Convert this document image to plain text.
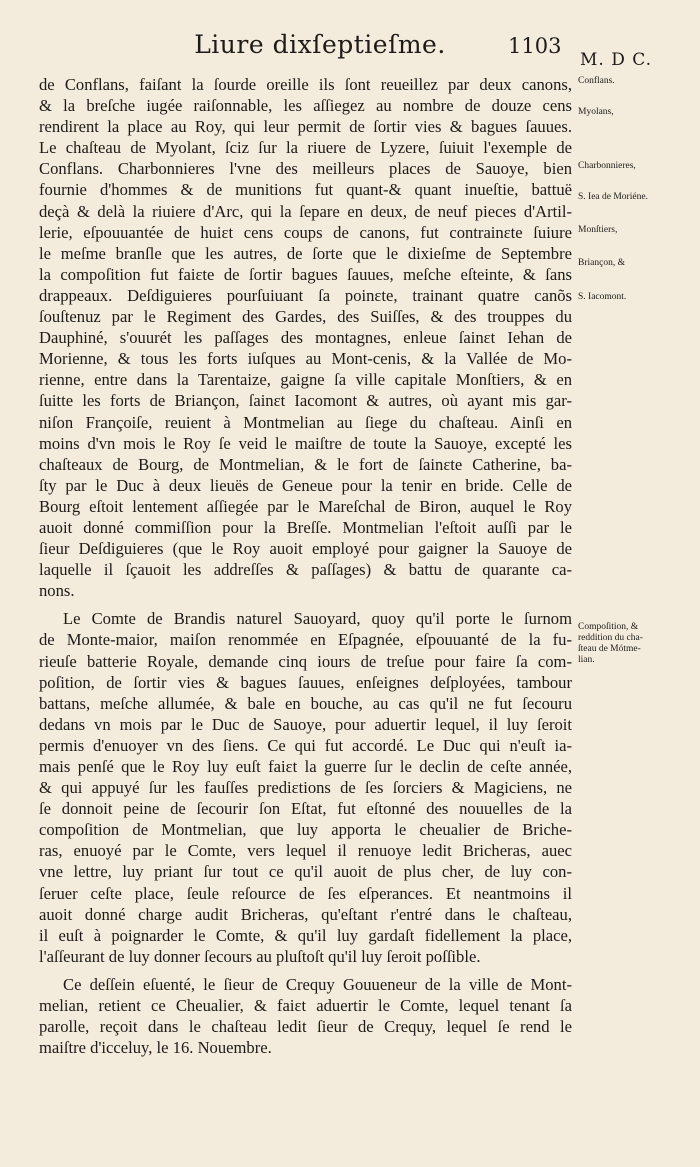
Liure dixſeptieſme.	1103
M. D C.
de Conflans, faiſant la ſourde oreille ils ſont reueillez par deux canons,
& la breſche iugée raiſonnable, les aſſiegez au nombre de douze cens
rendirent la place au Roy, qui leur permit de ſortir vies & bagues ſauues.
Le chaſteau de Myolant, ſciz ſur la riuere de Lyzere, ſuiuit l'exemple de
Conflans. Charbonnieres l'vne des meilleurs places de Sauoye, bien
fournie d'hommes & de munitions fut quant-& quant inueſtie, battuë
deçà & delà la riuiere d'Arc, qui la ſepare en deux, de neuf pieces d'Artil-
lerie, eſpouuantée de huiɛt cens coups de canons, fut contrainɛte ſuiure
le meſme branſle que les autres, de ſorte que le dixieſme de Septembre
la compoſition fut faiɛte de ſortir bagues ſauues, meſche eſteinte, & ſans
drappeaux. Deſdiguieres pourſuiuant ſa poinɛte, trainant quatre canõs
ſouſtenuz par le Regiment des Gardes, des Suiſſes, & des trouppes du
Dauphiné, s'ouurét les paſſages des montagnes, enleue ſainɛt Iehan de
Morienne, & tous les forts iuſques au Mont-cenis, & la Vallée de Mo-
rienne, entre dans la Tarentaize, gaigne ſa ville capitale Monſtiers, & en
ſuitte les forts de Briançon, ſainɛt Iacomont & autres, où ayant mis gar-
niſon Françoiſe, reuient à Montmelian au ſiege du chaſteau. Ainſi en
moins d'vn mois le Roy ſe veid le maiſtre de toute la Sauoye, excepté les
chaſteaux de Bourg, de Montmelian, & le fort de ſainɛte Catherine, ba-
ſty par le Duc à deux lieuës de Geneue pour la tenir en bride. Celle de
Bourg eſtoit lentement aſſiegée par le Mareſchal de Biron, auquel le Roy
auoit donné commiſſion pour la Breſſe. Montmelian l'eſtoit auſſi par le
ſieur Deſdiguieres (que le Roy auoit employé pour gaigner la Sauoye de
laquelle il ſçauoit les addreſſes & paſſages) & battu de quarante ca-
nons.
Le Comte de Brandis naturel Sauoyard, quoy qu'il porte le ſurnom
de Monte-maior, maiſon renommée en Eſpagnée, eſpouuanté de la fu-
rieuſe batterie Royale, demande cinq iours de treſue pour faire ſa com-
poſition, de ſortir vies & bagues ſauues, enſeignes deſployées, tambour
battans, meſche allumée, & bale en bouche, au cas qu'il ne fut ſecouru
dedans vn mois par le Duc de Sauoye, pour aduertir lequel, il luy ſeroit
permis d'enuoyer vn des ſiens. Ce qui fut accordé. Le Duc qui n'euſt ia-
mais penſé que le Roy luy euſt faiɛt la guerre ſur le declin de ceſte année,
& qui appuyé ſur les fauſſes prediɛtions de ſes ſorciers & Magiciens, ne
ſe donnoit peine de ſecourir ſon Eſtat, fut eſtonné des nouuelles de la
compoſition de Montmelian, que luy apporta le cheualier de Briche-
ras, enuoyé par le Comte, vers lequel il renuoye ledit Bricheras, auec
vne lettre, luy priant ſur tout ce qu'il auoit de plus cher, de luy con-
ſeruer ceſte place, ſeule reſource de ſes eſperances. Et neantmoins il
auoit donné charge audit Bricheras, qu'eſtant r'entré dans le chaſteau,
il euſt à poignarder le Comte, & qu'il luy gardaſt fidellement la place,
l'aſſeurant de luy donner ſecours au pluſtoſt qu'il luy ſeroit poſſible.
Ce deſſein eſuenté, le ſieur de Crequy Gouueneur de la ville de Mont-
melian, retient ce Cheualier, & faiɛt aduertir le Comte, lequel tenant ſa
parolle, reçoit dans le chaſteau ledit ſieur de Crequy, lequel ſe rend le
maiſtre d'icceluy, le 16. Nouembre.
Conflans.
Myolans,
Charbonnieres,
S. Iea de Moriéne.
Monſtiers,
Briançon, &
S. Iacomont.
Compoſition, &
reddition du cha-
ſteau de Mótme-
lian.
